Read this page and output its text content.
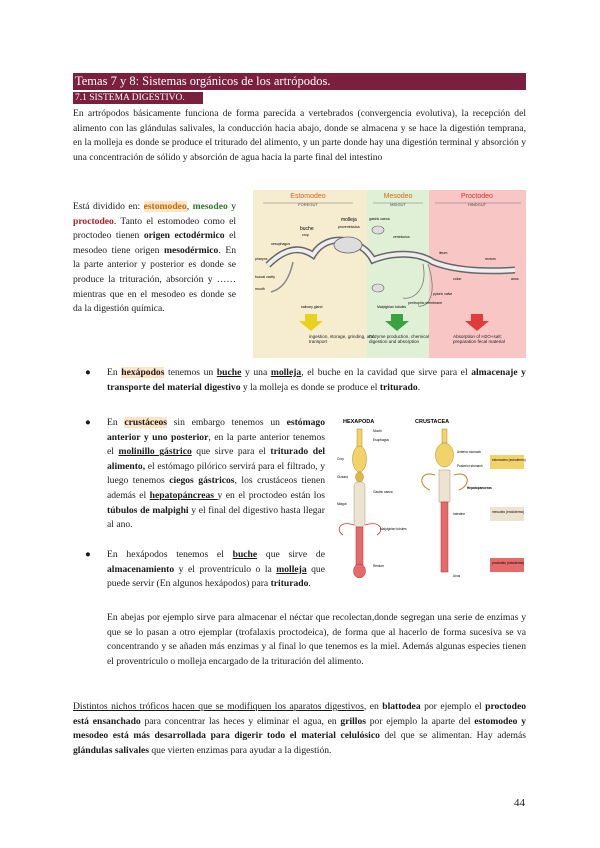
Temas 7 y 8: Sistemas orgánicos de los artrópodos.
7.1 SISTEMA DIGESTIVO.

En artrópodos básicamente funciona de forma parecida a vertebrados (convergencia evolutiva), la recepción del alimento con las glándulas salivales, la conducción hacia abajo, donde se almacena y se hace la digestión temprana, en la molleja es donde se produce el triturado del alimento, y un parte donde hay una digestión terminal y absorción y una concentración de sólido y absorción de agua hacia la parte final del intestino

Está dividido en: estomodeo, mesodeo y proctodeo. Tanto el estomodeo como el proctodeo tienen origen ectodérmico el mesodeo tiene origen mesodérmico. En la parte anterior y posterior es donde se produce la trituración, absorción y ……mientras que en el mesodeo es donde se da la digestión química.

Estomodeo	Mesodeo	Proctodeo
FOREGUT	MIDGUT	HINDGUT
molleja
buche
crop
proventriculus
gastric caeca
ventriculus
oesophagus
pharynx
mouth
salivary gland	Malpighian tubules
ileum
colon
rectum
peritrophic membrane
anus
pyloric valve
buccal cavity
ingestion, storage, grinding, and transport
Enzyme production, chemical digestion and absorption
Absorption of H2O+salt: preparation fecal material
● En hexápodos tenemos un buche y una molleja, el buche en la cavidad que sirve para el almacenaje y transporte del material digestivo y la molleja es donde se produce el triturado.
● En crustáceos sin embargo tenemos un estómago anterior y uno posterior, en la parte anterior tenemos el molinillo gástrico que sirve para el triturado del alimento, el estómago pilórico servirá para el filtrado, y luego tenemos ciegos gástricos, los crustáceos tienen además el hepatopáncreas y en el proctodeo están los túbulos de malpighi y el final del digestivo hasta llegar al ano.
● En hexápodos tenemos el buche que sirve de almacenamiento y el proventrículo o la molleja que puede servir (En algunos hexápodos) para triturado.
HEXAPODA	CRUSTACEA
Mouth
Esophagus
Crop
Gizzard
Gastric caeca
Midgut
Malpighian tubules
Anterior stomach
Posterior stomach
Hepatopancreas
Intestine
Rectum
Anus
estomodeo (ectodermo)
mesodeo (endodermo)
proctodeo (ectodermo)

En abejas por ejemplo sirve para almacenar el néctar que recolectan,donde segregan una serie de enzimas y que se lo pasan a otro ejemplar (trofalaxis proctodeica), de forma que al hacerlo de forma sucesiva se va concentrando y se añaden más enzimas y al final lo que tenemos es la miel. Además algunas especies tienen el proventrículo o molleja encargado de la trituración del alimento.

Distintos nichos tróficos hacen que se modifiquen los aparatos digestivos, en blattodea por ejemplo el proctodeo está ensanchado para concentrar las heces y eliminar el agua, en grillos por ejemplo la aparte del estomodeo y mesodeo está más desarrollada para digerir todo el material celulósico del que se alimentan. Hay además glándulas salivales que vierten enzimas para ayudar a la digestión.

44
